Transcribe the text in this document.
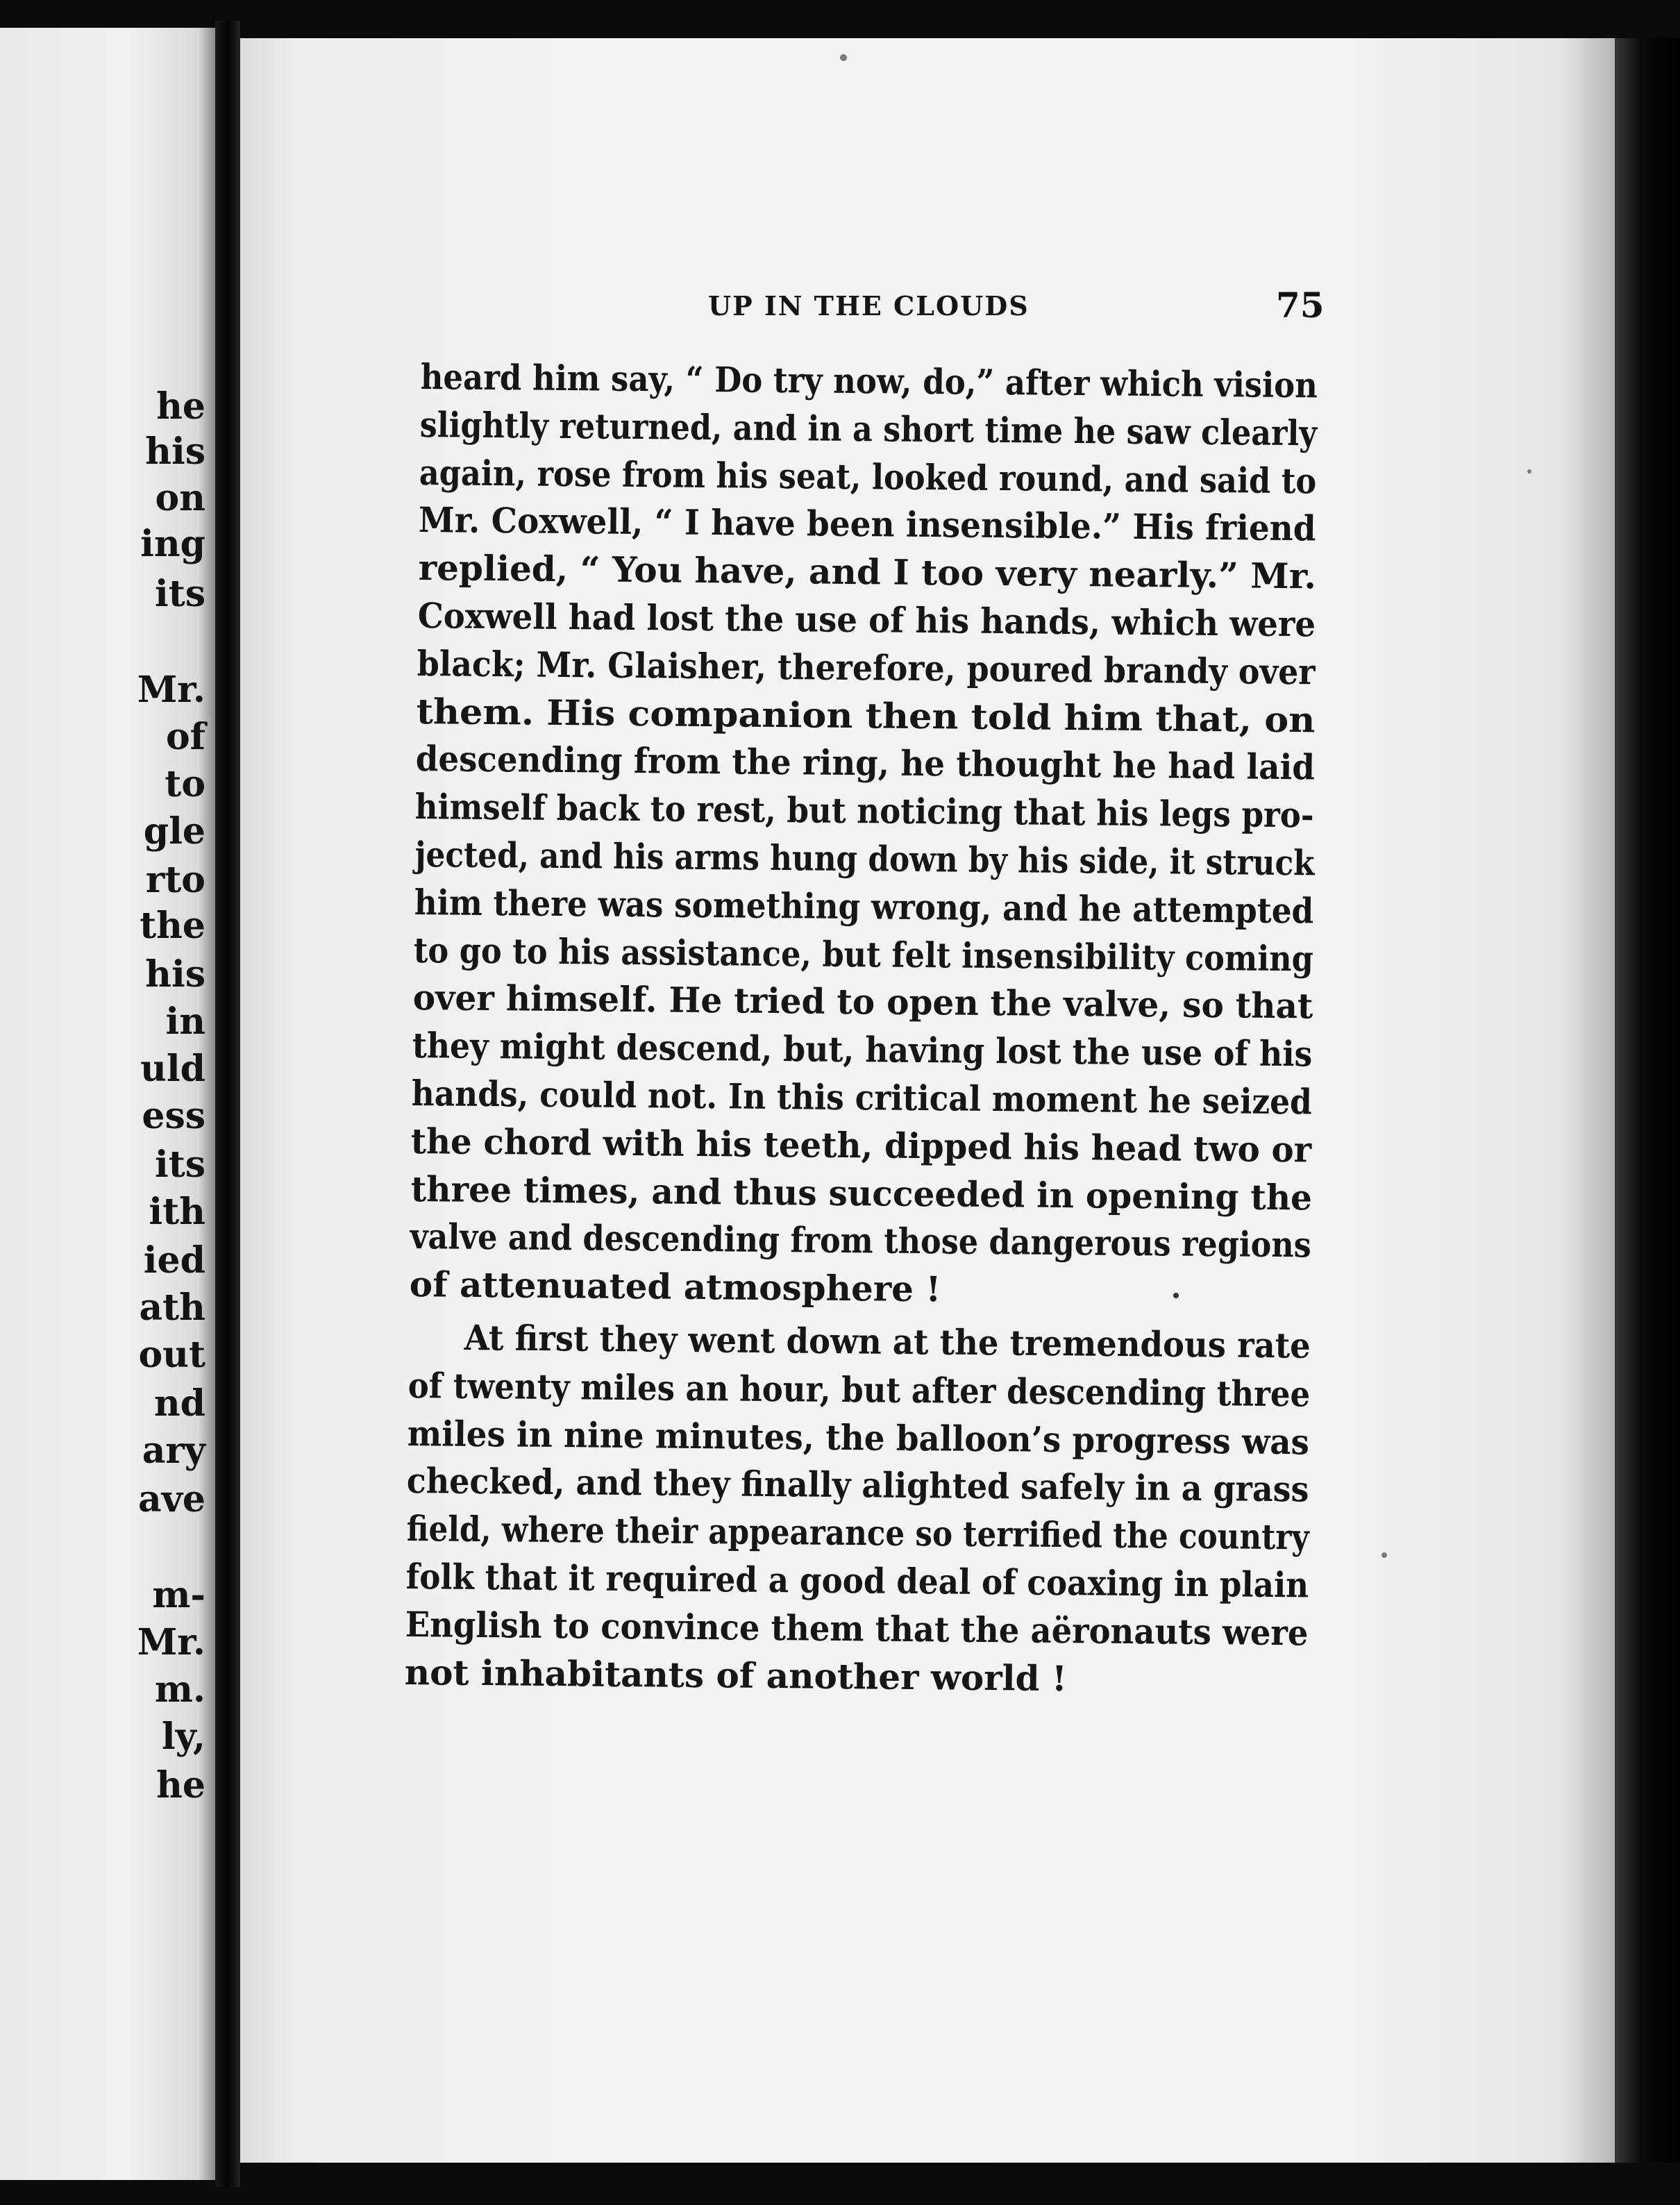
he
his
on
ing
its
Mr.
of
to
gle
rto
the
his
in
uld
ess
its
ith
ied
ath
out
nd
ary
ave
m-
Mr.
m.
ly,
he
UP IN THE CLOUDS	75
heard him say, “ Do try now, do,” after which vision
slightly returned, and in a short time he saw clearly
again, rose from his seat, looked round, and said to
Mr. Coxwell, “ I have been insensible.” His friend
replied, “ You have, and I too very nearly.” Mr.
Coxwell had lost the use of his hands, which were
black; Mr. Glaisher, therefore, poured brandy over
them. His companion then told him that, on
descending from the ring, he thought he had laid
himself back to rest, but noticing that his legs pro-
jected, and his arms hung down by his side, it struck
him there was something wrong, and he attempted
to go to his assistance, but felt insensibility coming
over himself. He tried to open the valve, so that
they might descend, but, having lost the use of his
hands, could not. In this critical moment he seized
the chord with his teeth, dipped his head two or
three times, and thus succeeded in opening the
valve and descending from those dangerous regions
of attenuated atmosphere !
At first they went down at the tremendous rate
of twenty miles an hour, but after descending three
miles in nine minutes, the balloon’s progress was
checked, and they finally alighted safely in a grass
field, where their appearance so terrified the country
folk that it required a good deal of coaxing in plain
English to convince them that the aëronauts were
not inhabitants of another world !
